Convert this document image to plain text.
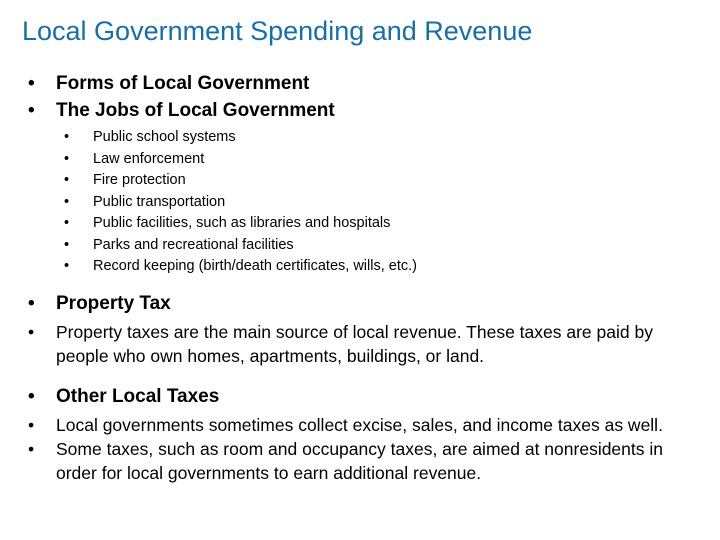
Local Government Spending and Revenue
• Forms of Local Government
• The Jobs of Local Government
• Public school systems
• Law enforcement
• Fire protection
• Public transportation
• Public facilities, such as libraries and hospitals
• Parks and recreational facilities
• Record keeping (birth/death certificates, wills, etc.)
• Property Tax
• Property taxes are the main source of local revenue. These taxes are paid by people who own homes, apartments, buildings, or land.
• Other Local Taxes
• Local governments sometimes collect excise, sales, and income taxes as well.
• Some taxes, such as room and occupancy taxes, are aimed at nonresidents in order for local governments to earn additional revenue.
